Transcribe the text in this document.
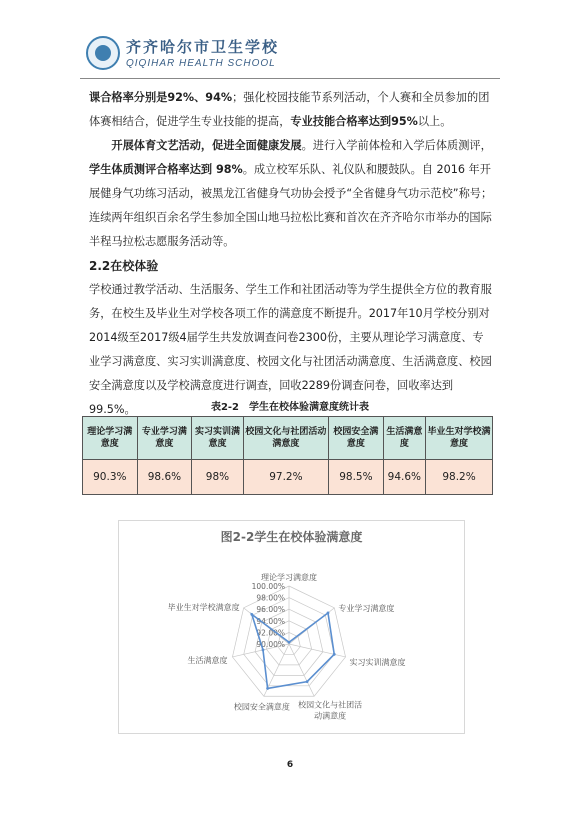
齐齐哈尔市卫生学校
QIQIHAR HEALTH SCHOOL

课合格率分别是92%、94%；强化校园技能节系列活动，个人赛和全员参加的团体赛相结合，促进学生专业技能的提高，专业技能合格率达到95%以上。

开展体育文艺活动，促进全面健康发展。进行入学前体检和入学后体质测评，学生体质测评合格率达到 98%。成立校军乐队、礼仪队和腰鼓队。自 2016 年开展健身气功练习活动，被黑龙江省健身气功协会授予“全省健身气功示范校”称号；连续两年组织百余名学生参加全国山地马拉松比赛和首次在齐齐哈尔市举办的国际半程马拉松志愿服务活动等。

2.2在校体验

学校通过教学活动、生活服务、学生工作和社团活动等为学生提供全方位的教育服务，在校生及毕业生对学校各项工作的满意度不断提升。2017年10月学校分别对2014级至2017级4届学生共发放调查问卷2300份，主要从理论学习满意度、专业学习满意度、实习实训满意度、校园文化与社团活动满意度、生活满意度、校园安全满意度以及学校满意度进行调查，回收2289份调查问卷，回收率达到99.5%。	表2-2　学生在校体验满意度统计表
理论学习满意度	专业学习满意度	实习实训满意度	校园文化与社团活动满意度	校园安全满意度	生活满意度	毕业生对学校满意度
90.3%	98.6%	98%	97.2%	98.5%	94.6%	98.2%
图2-2学生在校体验满意度
90.00%
92.00%
94.00%
96.00%
98.00%
100.00%
理论学习满意度
专业学习满意度
实习实训满意度
校园文化与社团活
动满意度
校园安全满意度
生活满意度
毕业生对学校满意度
6
